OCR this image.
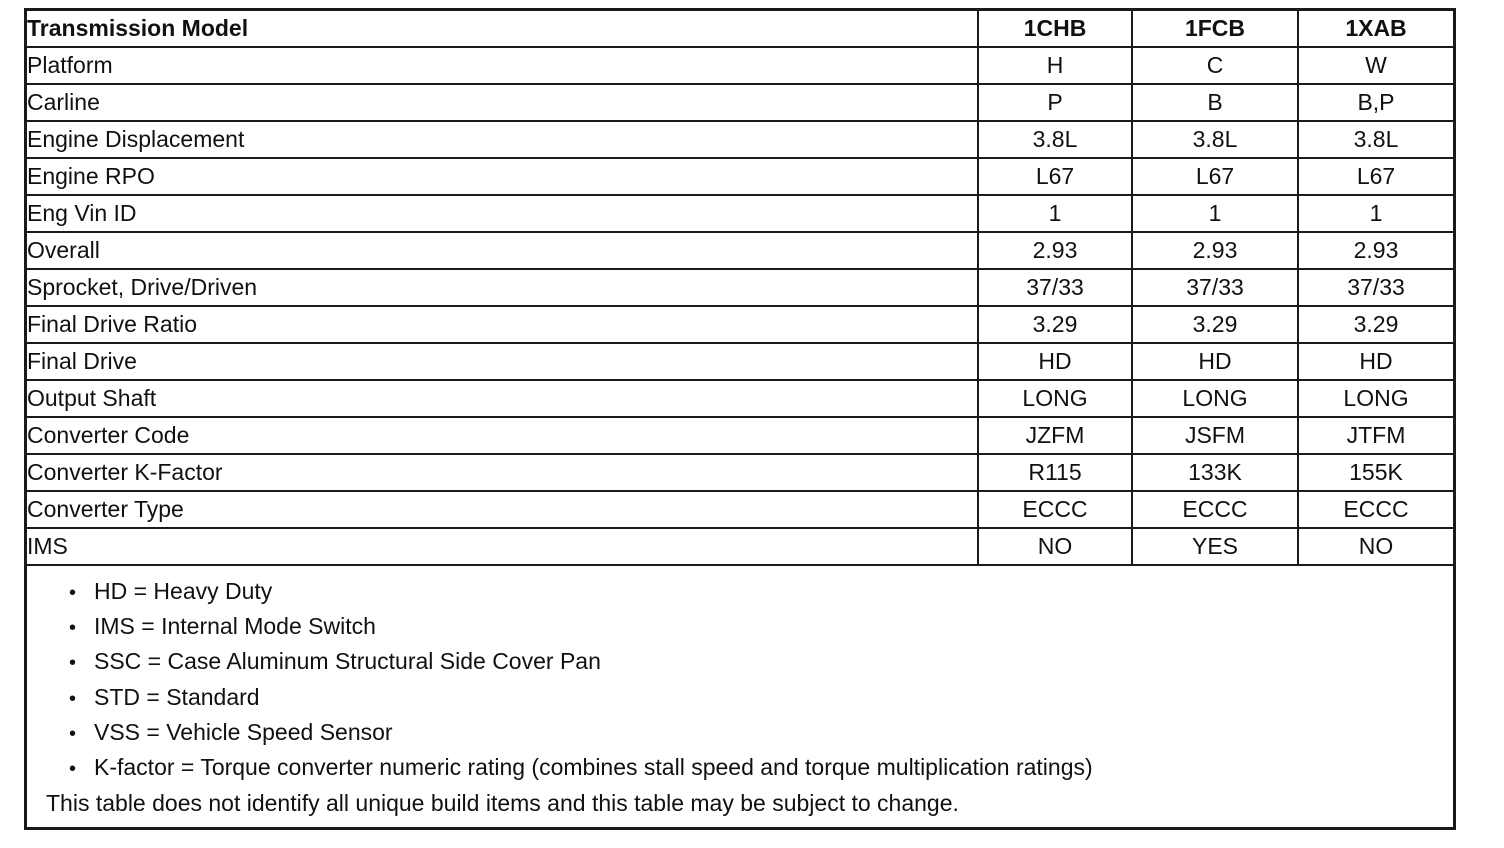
Transmission Model	1CHB	1FCB	1XAB
Platform	H	C	W
Carline	P	B	B,P
Engine Displacement	3.8L	3.8L	3.8L
Engine RPO	L67	L67	L67
Eng Vin ID	1	1	1
Overall	2.93	2.93	2.93
Sprocket, Drive/Driven	37/33	37/33	37/33
Final Drive Ratio	3.29	3.29	3.29
Final Drive	HD	HD	HD
Output Shaft	LONG	LONG	LONG
Converter Code	JZFM	JSFM	JTFM
Converter K-Factor	R115	133K	155K
Converter Type	ECCC	ECCC	ECCC
IMS	NO	YES	NO
• HD = Heavy Duty
• IMS = Internal Mode Switch
• SSC = Case Aluminum Structural Side Cover Pan
• STD = Standard
• VSS = Vehicle Speed Sensor
• K-factor = Torque converter numeric rating (combines stall speed and torque multiplication ratings)
This table does not identify all unique build items and this table may be subject to change.
